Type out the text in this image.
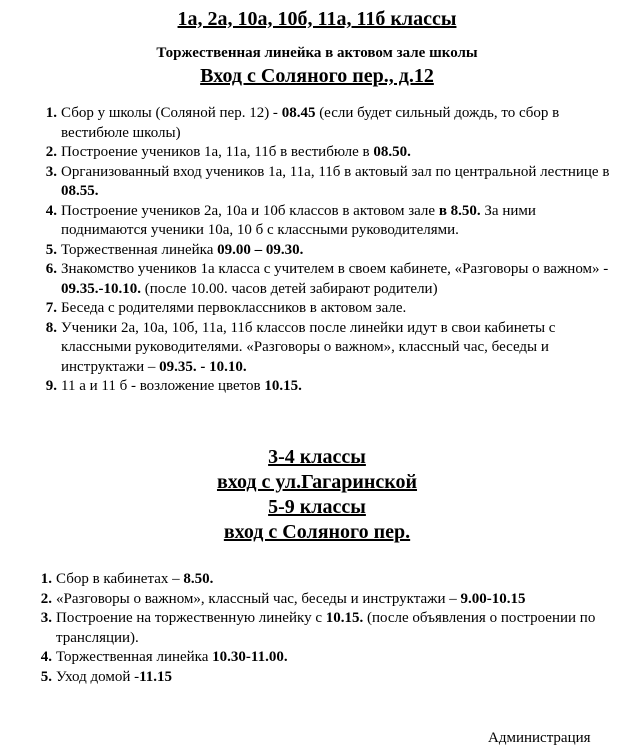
1а, 2а, 10а, 10б, 11а, 11б классы
Торжественная линейка в актовом зале школы
Вход с Соляного пер., д.12
1. Сбор у школы (Соляной пер. 12) - 08.45 (если будет сильный дождь, то сбор в вестибюле школы)
2. Построение учеников 1а, 11а, 11б в вестибюле в 08.50.
3. Организованный вход учеников 1а, 11а, 11б в актовый зал по центральной лестнице в 08.55.
4. Построение учеников 2а, 10а и 10б классов в актовом зале в 8.50. За ними поднимаются ученики 10а, 10 б с классными руководителями.
5. Торжественная линейка 09.00 – 09.30.
6. Знакомство учеников 1а класса с учителем в своем кабинете, «Разговоры о важном» - 09.35.-10.10. (после 10.00. часов детей забирают родители)
7. Беседа с родителями первоклассников в актовом зале.
8. Ученики 2а, 10а, 10б, 11а, 11б классов после линейки идут в свои кабинеты с классными руководителями. «Разговоры о важном», классный час, беседы и инструктажи – 09.35. - 10.10.
9. 11 а и 11 б - возложение цветов 10.15.
3-4 классы
вход с ул.Гагаринской
5-9 классы
вход с Соляного пер.
1. Сбор в кабинетах – 8.50.
2. «Разговоры о важном», классный час, беседы и инструктажи – 9.00-10.15
3. Построение на торжественную линейку с 10.15. (после объявления о построении по трансляции).
4. Торжественная линейка 10.30-11.00.
5. Уход домой -11.15
Администрация
